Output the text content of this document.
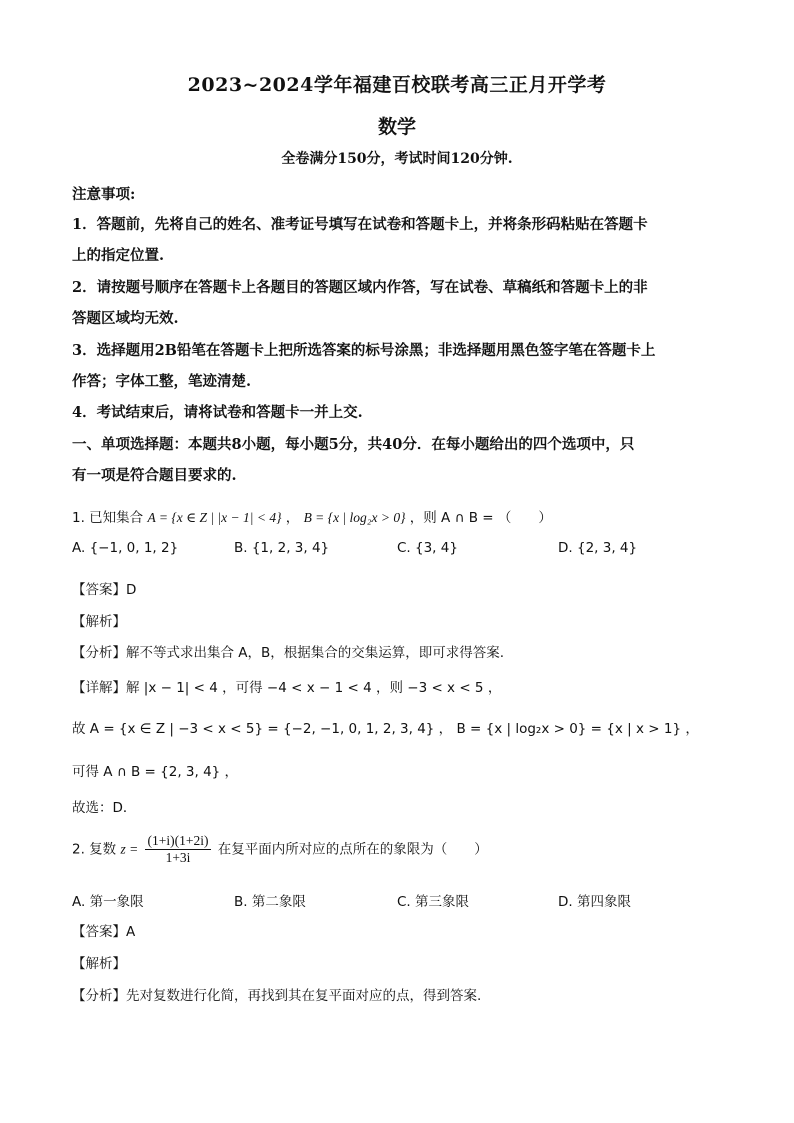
2023~2024学年福建百校联考高三正月开学考
数学
全卷满分150分，考试时间120分钟.
注意事项:
1．答题前，先将自己的姓名、准考证号填写在试卷和答题卡上，并将条形码粘贴在答题卡
上的指定位置.
2．请按题号顺序在答题卡上各题目的答题区域内作答，写在试卷、草稿纸和答题卡上的非
答题区域均无效.
3．选择题用2B铅笔在答题卡上把所选答案的标号涂黑；非选择题用黑色签字笔在答题卡上
作答；字体工整，笔迹清楚.
4．考试结束后，请将试卷和答题卡一并上交.
一、单项选择题：本题共8小题，每小题5分，共40分．在每小题给出的四个选项中，只
有一项是符合题目要求的.
1. 已知集合 A = {x ∈ Z | |x − 1| < 4} ， B = {x | log₂x > 0} ，则 A ∩ B = （　　）
A. {−1, 0, 1, 2}	B. {1, 2, 3, 4}	C. {3, 4}	D. {2, 3, 4}
【答案】D
【解析】
【分析】解不等式求出集合 A，B，根据集合的交集运算，即可求得答案.
【详解】解 |x − 1| < 4 ，可得 −4 < x − 1 < 4 ，则 −3 < x < 5 ，
故 A = {x ∈ Z | −3 < x < 5} = {−2, −1, 0, 1, 2, 3, 4} ， B = {x | log₂x > 0} = {x | x > 1} ，
可得 A ∩ B = {2, 3, 4} ，
故选：D．
2. 复数 $z = \frac{(1+i)(1+2i)}{1+3i}$ 在复平面内所对应的点所在的象限为（　　）
A. 第一象限	B. 第二象限	C. 第三象限	D. 第四象限
【答案】A
【解析】
【分析】先对复数进行化简，再找到其在复平面对应的点，得到答案.
